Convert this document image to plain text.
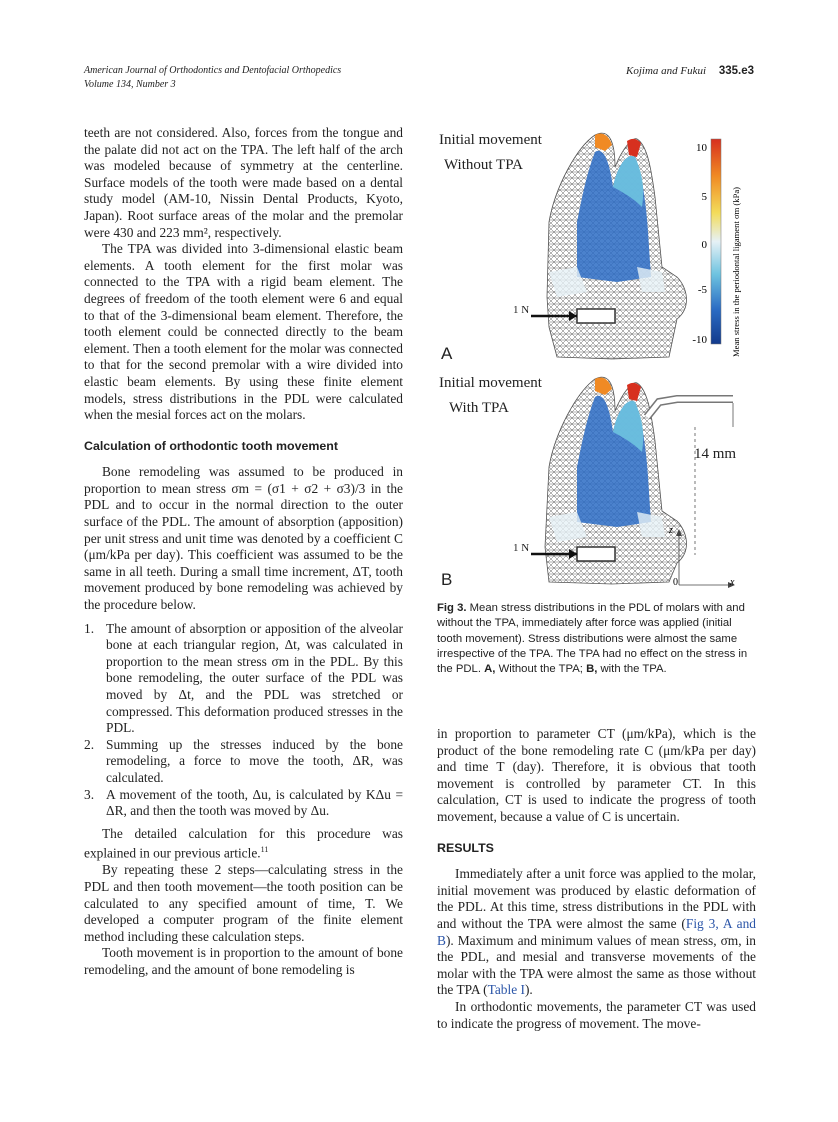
American Journal of Orthodontics and Dentofacial Orthopedics
Volume 134, Number 3
Kojima and Fukui 335.e3

teeth are not considered. Also, forces from the tongue and the palate did not act on the TPA. The left half of the arch was modeled because of symmetry at the centerline. Surface models of the tooth were made based on a dental study model (AM-10, Nissin Dental Products, Kyoto, Japan). Root surface areas of the molar and the premolar were 430 and 223 mm², respectively.

The TPA was divided into 3-dimensional elastic beam elements. A tooth element for the first molar was connected to the TPA with a rigid beam element. The degrees of freedom of the tooth element were 6 and equal to that of the 3-dimensional beam element. Therefore, the tooth element could be connected directly to the beam element. Then a tooth element for the molar was connected to that for the second premolar with a wire divided into elastic beam elements. By using these finite element models, stress distributions in the PDL were calculated when the mesial forces act on the molars.

Calculation of orthodontic tooth movement

Bone remodeling was assumed to be produced in proportion to mean stress σm = (σ1 + σ2 + σ3)/3 in the PDL and to occur in the normal direction to the outer surface of the PDL. The amount of absorption (apposition) per unit stress and unit time was denoted by a coefficient C (μm/kPa per day). This coefficient was assumed to be the same in all teeth. During a small time increment, ΔT, tooth movement produced by bone remodeling was achieved by the procedure below.

1. The amount of absorption or apposition of the alveolar bone at each triangular region, Δt, was calculated in proportion to the mean stress σm in the PDL. By this bone remodeling, the outer surface of the PDL was moved by Δt, and the PDL was stretched or compressed. This deformation produced stresses in the PDL.
2. Summing up the stresses induced by the bone remodeling, a force to move the tooth, ΔR, was calculated.
3. A movement of the tooth, Δu, is calculated by KΔu = ΔR, and then the tooth was moved by Δu.

The detailed calculation for this procedure was explained in our previous article.$^{11}$

By repeating these 2 steps—calculating stress in the PDL and then tooth movement—the tooth position can be calculated to any specified amount of time, T. We developed a computer program of the finite element method including these calculation steps.

Tooth movement is in proportion to the amount of bone remodeling, and the amount of bone remodeling is

Initial movement
Without TPA
1 N
A
10
5
0
-5
-10	Mean stress in the periodontal ligament σm (kPa)
Initial movement
With TPA
1 N
14 mm
z
x
0
B
Fig 3. Mean stress distributions in the PDL of molars with and without the TPA, immediately after force was applied (initial tooth movement). Stress distributions were almost the same irrespective of the TPA. The TPA had no effect on the stress in the PDL. A, Without the TPA; B, with the TPA.

in proportion to parameter CT (μm/kPa), which is the product of the bone remodeling rate C (μm/kPa per day) and time T (day). Therefore, it is obvious that tooth movement is controlled by parameter CT. In this calculation, CT is used to indicate the progress of tooth movement, because a value of C is uncertain.

RESULTS

Immediately after a unit force was applied to the molar, initial movement was produced by elastic deformation of the PDL. At this time, stress distributions in the PDL with and without the TPA were almost the same (Fig 3, A and B). Maximum and minimum values of mean stress, σm, in the PDL, and mesial and transverse movements of the molar with the TPA were almost the same as those without the TPA (Table I).

In orthodontic movements, the parameter CT was used to indicate the progress of movement. The move-
